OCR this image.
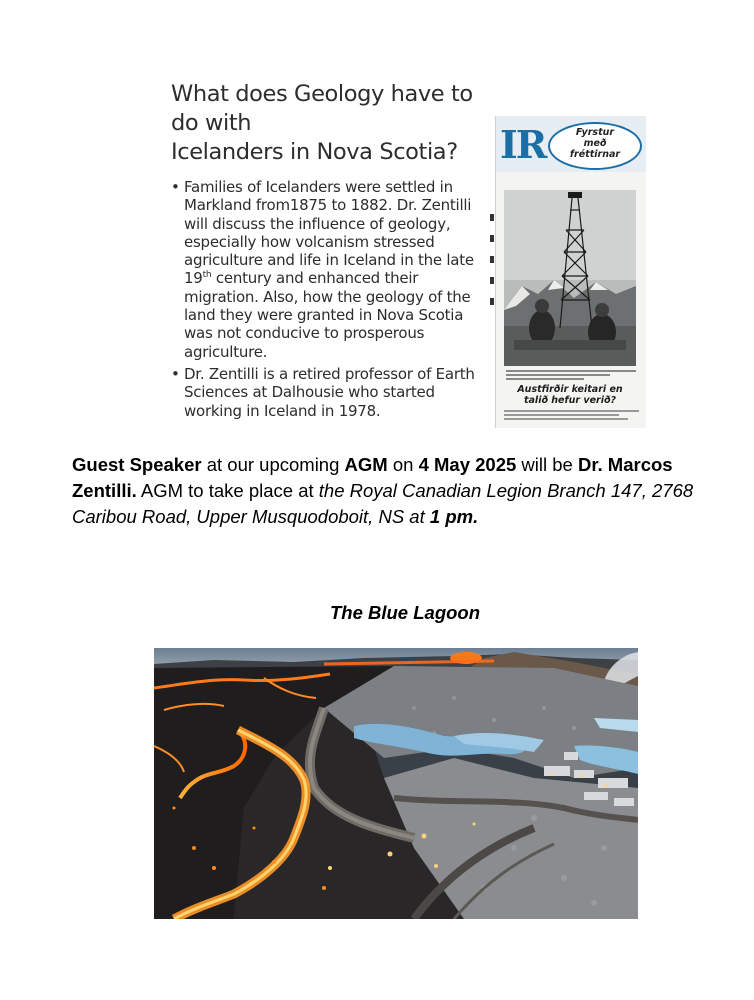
What does Geology have to do with
Icelanders in Nova Scotia?
• Families of Icelanders were settled in Markland from1875 to 1882. Dr. Zentilli will discuss the influence of geology, especially how volcanism stressed agriculture and life in Iceland in the late 19th century and enhanced their migration. Also, how the geology of the land they were granted in Nova Scotia was not conducive to prosperous agriculture.
• Dr. Zentilli is a retired professor of Earth Sciences at Dalhousie who started working in Iceland in 1978.
IR	Fyrstur
með
fréttirnar
Austfirðir keitari en
talið hefur verið?
Guest Speaker at our upcoming AGM on 4 May 2025 will be Dr. Marcos Zentilli. AGM to take place at the Royal Canadian Legion Branch 147, 2768 Caribou Road, Upper Musquodoboit, NS at 1 pm.
The Blue Lagoon
